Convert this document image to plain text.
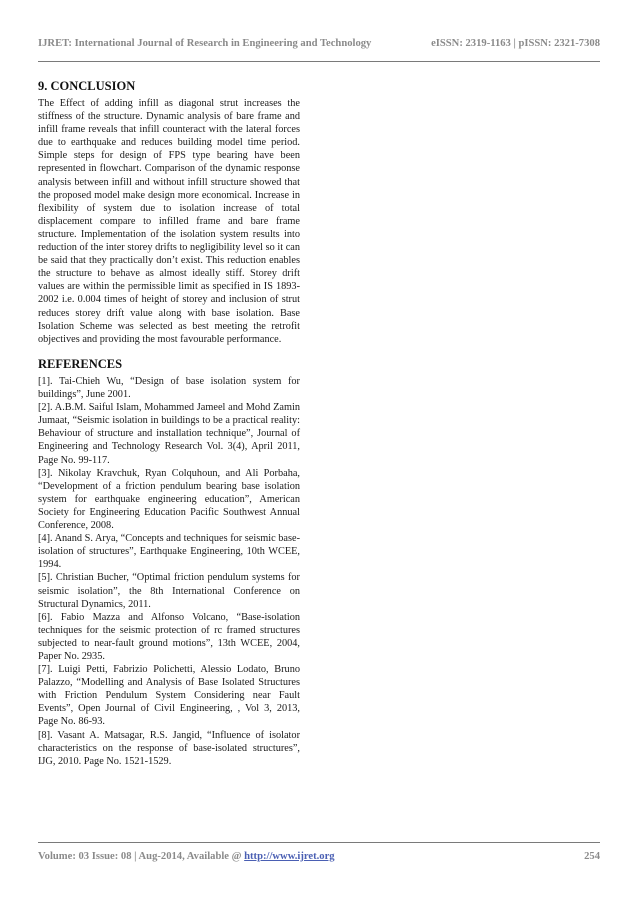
IJRET: International Journal of Research in Engineering and Technology	eISSN: 2319-1163 | pISSN: 2321-7308
9. CONCLUSION

The Effect of adding infill as diagonal strut increases the stiffness of the structure. Dynamic analysis of bare frame and infill frame reveals that infill counteract with the lateral forces due to earthquake and reduces building model time period. Simple steps for design of FPS type bearing have been represented in flowchart. Comparison of the dynamic response analysis between infill and without infill structure showed that the proposed model make design more economical. Increase in flexibility of system due to isolation increase of total displacement compare to infilled frame and bare frame structure. Implementation of the isolation system results into reduction of the inter storey drifts to negligibility level so it can be said that they practically don’t exist. This reduction enables the structure to behave as almost ideally stiff. Storey drift values are within the permissible limit as specified in IS 1893-2002 i.e. 0.004 times of height of storey and inclusion of strut reduces storey drift value along with base isolation. Base Isolation Scheme was selected as best meeting the retrofit objectives and providing the most favourable performance.

REFERENCES
[1]. Tai-Chieh Wu, “Design of base isolation system for buildings”, June 2001.
[2]. A.B.M. Saiful Islam, Mohammed Jameel and Mohd Zamin Jumaat, “Seismic isolation in buildings to be a practical reality: Behaviour of structure and installation technique”, Journal of Engineering and Technology Research Vol. 3(4), April 2011, Page No. 99-117.
[3]. Nikolay Kravchuk, Ryan Colquhoun, and Ali Porbaha, “Development of a friction pendulum bearing base isolation system for earthquake engineering education”, American Society for Engineering Education Pacific Southwest Annual Conference, 2008.
[4]. Anand S. Arya, “Concepts and techniques for seismic base- isolation of structures”, Earthquake Engineering, 10th WCEE, 1994.
[5]. Christian Bucher, “Optimal friction pendulum systems for seismic isolation”, the 8th International Conference on Structural Dynamics, 2011.
[6]. Fabio Mazza and Alfonso Volcano, “Base-isolation techniques for the seismic protection of rc framed structures subjected to near-fault ground motions”, 13th WCEE, 2004, Paper No. 2935.
[7]. Luigi Petti, Fabrizio Polichetti, Alessio Lodato, Bruno Palazzo, “Modelling and Analysis of Base Isolated Structures with Friction Pendulum System Considering near Fault Events”, Open Journal of Civil Engineering, , Vol 3, 2013, Page No. 86-93.
[8]. Vasant A. Matsagar, R.S. Jangid, “Influence of isolator characteristics on the response of base-isolated structures”, IJG, 2010. Page No. 1521-1529.
Volume: 03 Issue: 08 | Aug-2014, Available @ http://www.ijret.org	254
